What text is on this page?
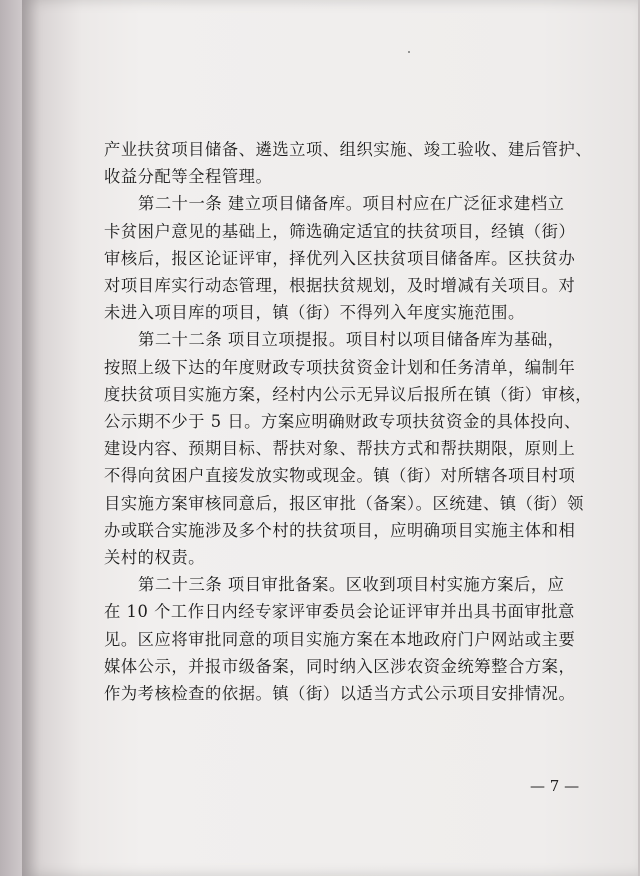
产业扶贫项目储备、遴选立项、组织实施、竣工验收、建后管护、
收益分配等全程管理。
第二十一条 建立项目储备库。项目村应在广泛征求建档立
卡贫困户意见的基础上，筛选确定适宜的扶贫项目，经镇（街）
审核后，报区论证评审，择优列入区扶贫项目储备库。区扶贫办
对项目库实行动态管理，根据扶贫规划，及时增减有关项目。对
未进入项目库的项目，镇（街）不得列入年度实施范围。
第二十二条 项目立项提报。项目村以项目储备库为基础，
按照上级下达的年度财政专项扶贫资金计划和任务清单，编制年
度扶贫项目实施方案，经村内公示无异议后报所在镇（街）审核，
公示期不少于 5 日。方案应明确财政专项扶贫资金的具体投向、
建设内容、预期目标、帮扶对象、帮扶方式和帮扶期限，原则上
不得向贫困户直接发放实物或现金。镇（街）对所辖各项目村项
目实施方案审核同意后，报区审批（备案）。区统建、镇（街）领
办或联合实施涉及多个村的扶贫项目，应明确项目实施主体和相
关村的权责。
第二十三条 项目审批备案。区收到项目村实施方案后，应
在 10 个工作日内经专家评审委员会论证评审并出具书面审批意
见。区应将审批同意的项目实施方案在本地政府门户网站或主要
媒体公示，并报市级备案，同时纳入区涉农资金统筹整合方案，
作为考核检查的依据。镇（街）以适当方式公示项目安排情况。
— 7 —
